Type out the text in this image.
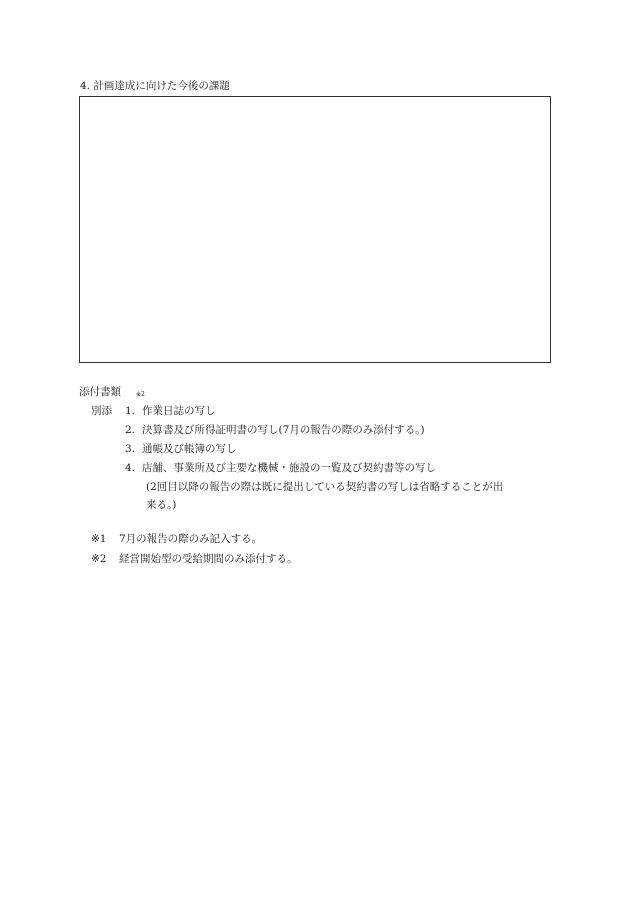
4. 計画達成に向けた今後の課題
添付書類	※2
別添 1. 作業日誌の写し
2. 決算書及び所得証明書の写し(7月の報告の際のみ添付する。)
3. 通帳及び帳簿の写し
4. 店舗、事業所及び主要な機械・施設の一覧及び契約書等の写し
(2回目以降の報告の際は既に提出している契約書の写しは省略することが出
来る。)
※1 7月の報告の際のみ記入する。
※2 経営開始型の受給期間のみ添付する。
